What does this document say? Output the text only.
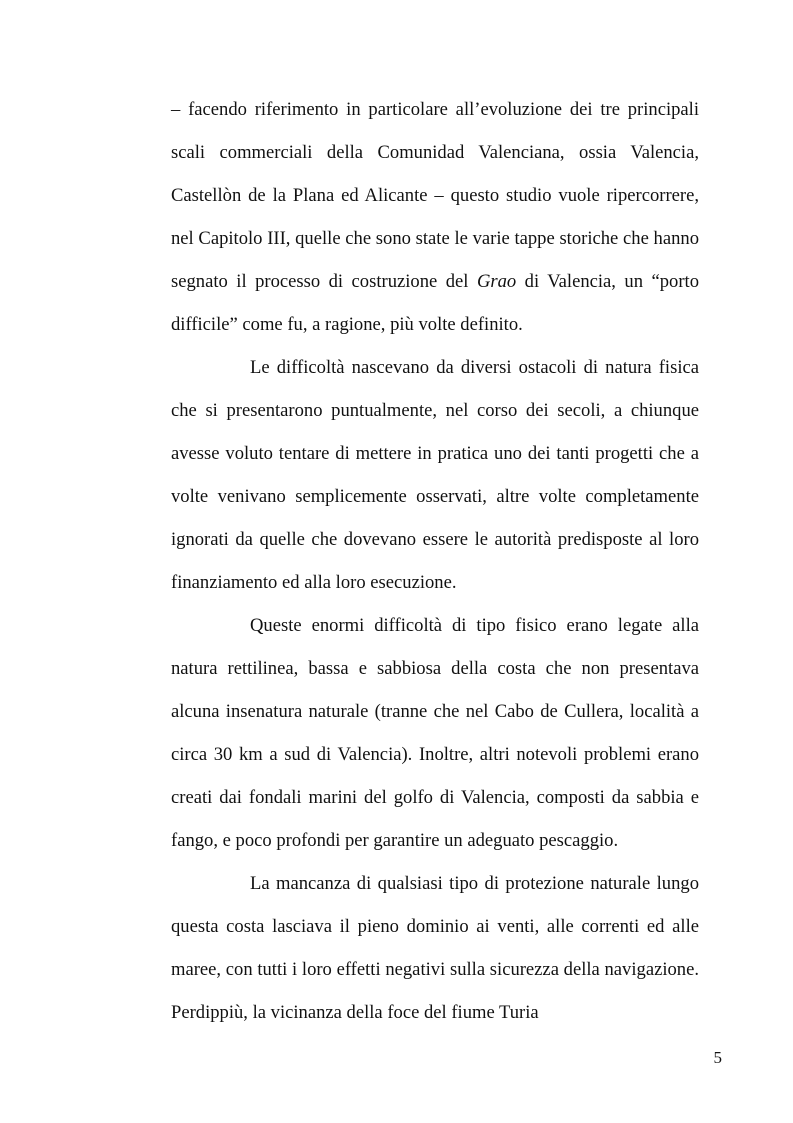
– facendo riferimento in particolare all’evoluzione dei tre principali scali commerciali della Comunidad Valenciana, ossia Valencia, Castellòn de la Plana ed Alicante – questo studio vuole ripercorrere, nel Capitolo III, quelle che sono state le varie tappe storiche che hanno segnato il processo di costruzione del Grao di Valencia, un “porto difficile” come fu, a ragione, più volte definito.

Le difficoltà nascevano da diversi ostacoli di natura fisica che si presentarono puntualmente, nel corso dei secoli, a chiunque avesse voluto tentare di mettere in pratica uno dei tanti progetti che a volte venivano semplicemente osservati, altre volte completamente ignorati da quelle che dovevano essere le autorità predisposte al loro finanziamento ed alla loro esecuzione.

Queste enormi difficoltà di tipo fisico erano legate alla natura rettilinea, bassa e sabbiosa della costa che non presentava alcuna insenatura naturale (tranne che nel Cabo de Cullera, località a circa 30 km a sud di Valencia). Inoltre, altri notevoli problemi erano creati dai fondali marini del golfo di Valencia, composti da sabbia e fango, e poco profondi per garantire un adeguato pescaggio.

La mancanza di qualsiasi tipo di protezione naturale lungo questa costa lasciava il pieno dominio ai venti, alle correnti ed alle maree, con tutti i loro effetti negativi sulla sicurezza della navigazione. Perdippiù, la vicinanza della foce del fiume Turia

5
